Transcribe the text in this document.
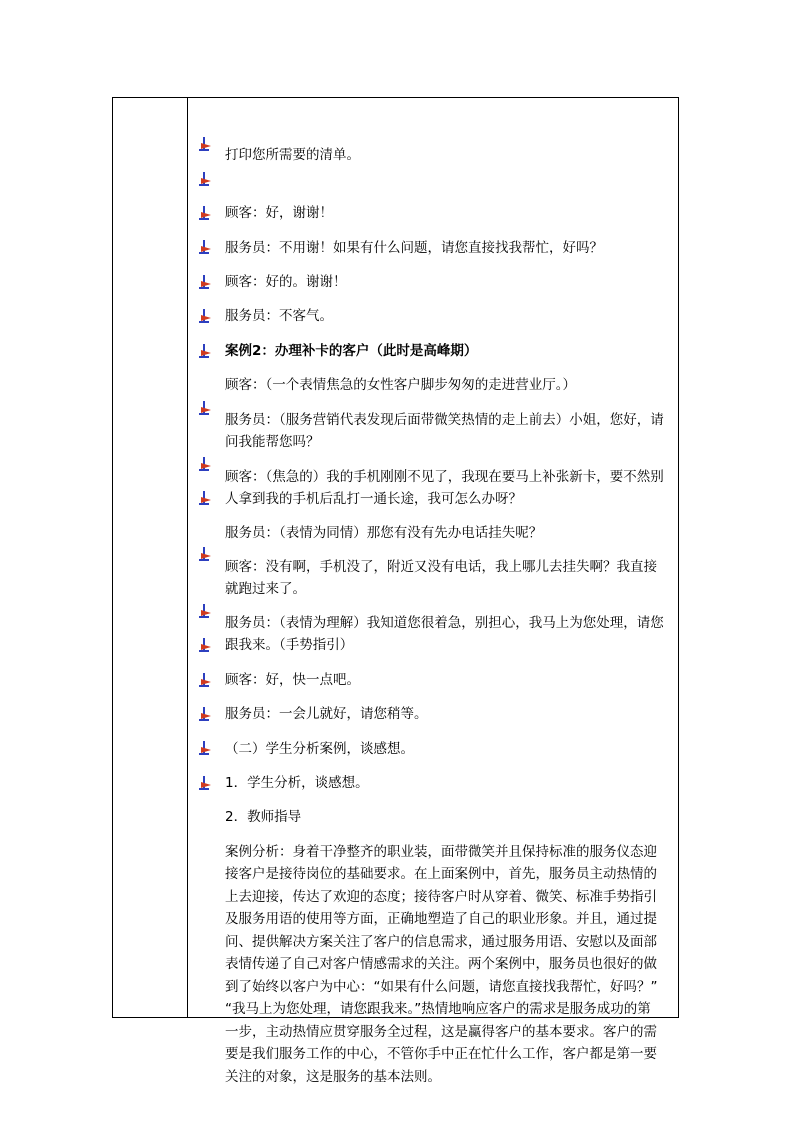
打印您所需要的清单。

顾客：好，谢谢！

服务员：不用谢！如果有什么问题，请您直接找我帮忙，好吗？

顾客：好的。谢谢！

服务员：不客气。

案例2：办理补卡的客户（此时是高峰期）

顾客：（一个表情焦急的女性客户脚步匆匆的走进营业厅。）

服务员：（服务营销代表发现后面带微笑热情的走上前去）小姐，您好，请
问我能帮您吗？

顾客：（焦急的）我的手机刚刚不见了，我现在要马上补张新卡，要不然别
人拿到我的手机后乱打一通长途，我可怎么办呀？

服务员：（表情为同情）那您有没有先办电话挂失呢？

顾客：没有啊，手机没了，附近又没有电话，我上哪儿去挂失啊？我直接
就跑过来了。

服务员：（表情为理解）我知道您很着急，别担心，我马上为您处理，请您
跟我来。（手势指引）

顾客：好，快一点吧。

服务员：一会儿就好，请您稍等。

（二）学生分析案例，谈感想。

1．学生分析，谈感想。

2．教师指导

案例分析：身着干净整齐的职业装，面带微笑并且保持标准的服务仪态迎
接客户是接待岗位的基础要求。在上面案例中，首先，服务员主动热情的
上去迎接，传达了欢迎的态度；接待客户时从穿着、微笑、标准手势指引
及服务用语的使用等方面，正确地塑造了自己的职业形象。并且，通过提
问、提供解决方案关注了客户的信息需求，通过服务用语、安慰以及面部
表情传递了自己对客户情感需求的关注。两个案例中，服务员也很好的做
到了始终以客户为中心：“如果有什么问题，请您直接找我帮忙，好吗？”
“我马上为您处理，请您跟我来。”热情地响应客户的需求是服务成功的第
一步，主动热情应贯穿服务全过程，这是赢得客户的基本要求。客户的需
要是我们服务工作的中心，不管你手中正在忙什么工作，客户都是第一要
关注的对象，这是服务的基本法则。
